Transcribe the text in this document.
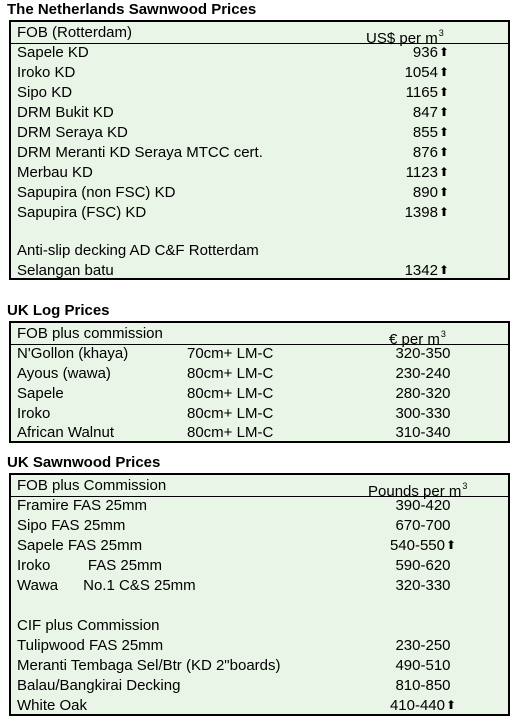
The Netherlands Sawnwood Prices
FOB (Rotterdam)	US$ per $m^3$
Sapele KD	936⬆
Iroko KD	1054⬆
Sipo KD	1165⬆
DRM Bukit KD	847⬆
DRM Seraya KD	855⬆
DRM Meranti KD Seraya MTCC cert.	876⬆
Merbau KD	1123⬆
Sapupira (non FSC) KD	890⬆
Sapupira (FSC) KD	1398⬆
Anti-slip decking AD C&F Rotterdam
Selangan batu	1342⬆
UK Log Prices
FOB plus commission	€ per $m^3$
N'Gollon (khaya)	70cm+ LM-C	320-350
Ayous (wawa)	80cm+ LM-C	230-240
Sapele	80cm+ LM-C	280-320
Iroko	80cm+ LM-C	300-330
African Walnut	80cm+ LM-C	310-340
UK Sawnwood Prices
FOB plus Commission	Pounds per $m^3$
Framire FAS 25mm	390-420
Sipo FAS 25mm	670-700
Sapele FAS 25mm	540-550⬆
Iroko         FAS 25mm	590-620
Wawa      No.1 C&S 25mm	320-330
CIF plus Commission
Tulipwood FAS 25mm	230-250
Meranti Tembaga Sel/Btr (KD 2"boards)	490-510
Balau/Bangkirai Decking	810-850
White Oak	410-440⬆
